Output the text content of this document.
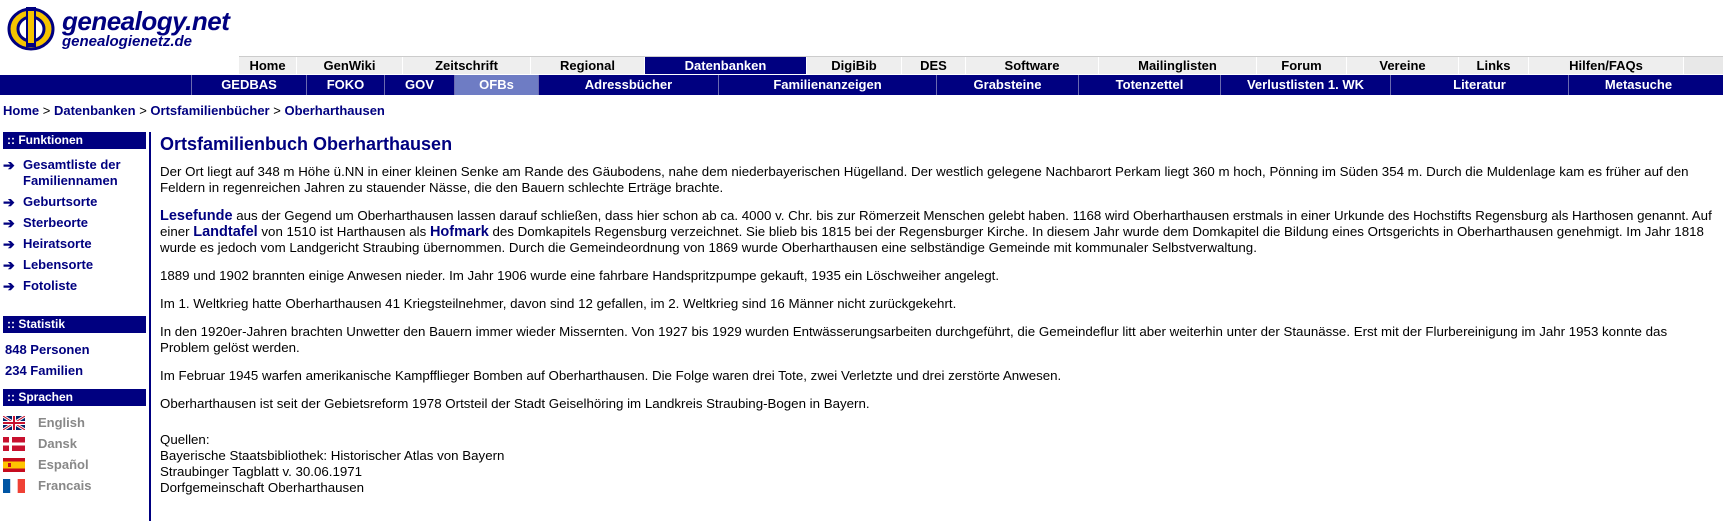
genealogy.net
genealogienetz.de
Home	GenWiki	Zeitschrift	Regional	Datenbanken	DigiBib	DES	Software	Mailinglisten	Forum	Vereine	Links	Hilfen/FAQs
GEDBAS	FOKO	GOV	OFBs	Adressbücher	Familienanzeigen	Grabsteine	Totenzettel	Verlustlisten 1. WK	Literatur	Metasuche
Home > Datenbanken > Ortsfamilienbücher > Oberharthausen
:: Funktionen
➔ Gesamtliste der Familiennamen
➔ Geburtsorte
➔ Sterbeorte
➔ Heiratsorte
➔ Lebensorte
➔ Fotoliste
:: Statistik
848 Personen
234 Familien
:: Sprachen
English
Dansk
Español
Francais
Ortsfamilienbuch Oberharthausen

Der Ort liegt auf 348 m Höhe ü.NN in einer kleinen Senke am Rande des Gäubodens, nahe dem niederbayerischen Hügelland. Der westlich gelegene Nachbarort Perkam liegt 360 m hoch, Pönning im Süden 354 m. Durch die Muldenlage kam es früher auf den Feldern in regenreichen Jahren zu stauender Nässe, die den Bauern schlechte Erträge brachte.

Lesefunde aus der Gegend um Oberharthausen lassen darauf schließen, dass hier schon ab ca. 4000 v. Chr. bis zur Römerzeit Menschen gelebt haben. 1168 wird Oberharthausen erstmals in einer Urkunde des Hochstifts Regensburg als Harthosen genannt. Auf einer Landtafel von 1510 ist Harthausen als Hofmark des Domkapitels Regensburg verzeichnet. Sie blieb bis 1815 bei der Regensburger Kirche. In diesem Jahr wurde dem Domkapitel die Bildung eines Ortsgerichts in Oberharthausen genehmigt. Im Jahr 1818 wurde es jedoch vom Landgericht Straubing übernommen. Durch die Gemeindeordnung von 1869 wurde Oberharthausen eine selbständige Gemeinde mit kommunaler Selbstverwaltung.

1889 und 1902 brannten einige Anwesen nieder. Im Jahr 1906 wurde eine fahrbare Handspritzpumpe gekauft, 1935 ein Löschweiher angelegt.

Im 1. Weltkrieg hatte Oberharthausen 41 Kriegsteilnehmer, davon sind 12 gefallen, im 2. Weltkrieg sind 16 Männer nicht zurückgekehrt.

In den 1920er-Jahren brachten Unwetter den Bauern immer wieder Missernten. Von 1927 bis 1929 wurden Entwässerungsarbeiten durchgeführt, die Gemeindeflur litt aber weiterhin unter der Staunässe. Erst mit der Flurbereinigung im Jahr 1953 konnte das Problem gelöst werden.

Im Februar 1945 warfen amerikanische Kampfflieger Bomben auf Oberharthausen. Die Folge waren drei Tote, zwei Verletzte und drei zerstörte Anwesen.

Oberharthausen ist seit der Gebietsreform 1978 Ortsteil der Stadt Geiselhöring im Landkreis Straubing-Bogen in Bayern.

Quellen:
Bayerische Staatsbibliothek: Historischer Atlas von Bayern
Straubinger Tagblatt v. 30.06.1971
Dorfgemeinschaft Oberharthausen
